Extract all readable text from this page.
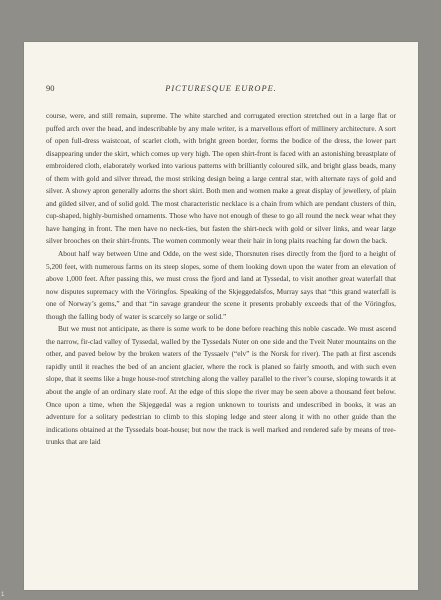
90	PICTURESQUE EUROPE.

course, were, and still remain, supreme. The white starched and corrugated erection stretched out in a large flat or puffed arch over the head, and indescribable by any male writer, is a marvellous effort of millinery architecture. A sort of open full-dress waistcoat, of scarlet cloth, with bright green border, forms the bodice of the dress, the lower part disappearing under the skirt, which comes up very high. The open shirt-front is faced with an astonishing breastplate of embroidered cloth, elaborately worked into various patterns with brilliantly coloured silk, and bright glass beads, many of them with gold and silver thread, the most striking design being a large central star, with alternate rays of gold and silver. A showy apron generally adorns the short skirt. Both men and women make a great display of jewellery, of plain and gilded silver, and of solid gold. The most characteristic necklace is a chain from which are pendant clusters of thin, cup-shaped, highly-burnished ornaments. Those who have not enough of these to go all round the neck wear what they have hanging in front. The men have no neck-ties, but fasten the shirt-neck with gold or silver links, and wear large silver brooches on their shirt-fronts. The women commonly wear their hair in long plaits reaching far down the back.

About half way between Utne and Odde, on the west side, Thorsnuten rises directly from the fjord to a height of 5,200 feet, with numerous farms on its steep slopes, some of them looking down upon the water from an elevation of above 1,000 feet. After passing this, we must cross the fjord and land at Tyssedal, to visit another great waterfall that now disputes supremacy with the Vöringfos. Speaking of the Skjeggedalsfos, Murray says that “this grand waterfall is one of Norway’s gems,” and that “in savage grandeur the scene it presents probably exceeds that of the Vöringfos, though the falling body of water is scarcely so large or solid.”

But we must not anticipate, as there is some work to be done before reaching this noble cascade. We must ascend the narrow, fir-clad valley of Tyssedal, walled by the Tyssedals Nuter on one side and the Tveit Nuter mountains on the other, and paved below by the broken waters of the Tyssaelv (“elv” is the Norsk for river). The path at first ascends rapidly until it reaches the bed of an ancient glacier, where the rock is planed so fairly smooth, and with such even slope, that it seems like a huge house-roof stretching along the valley parallel to the river’s course, sloping towards it at about the angle of an ordinary slate roof. At the edge of this slope the river may be seen above a thousand feet below. Once upon a time, when the Skjeggedal was a region unknown to tourists and undescribed in books, it was an adventure for a solitary pedestrian to climb to this sloping ledge and steer along it with no other guide than the indications obtained at the Tyssedals boat-house; but now the track is well marked and rendered safe by means of tree-trunks that are laid

1
